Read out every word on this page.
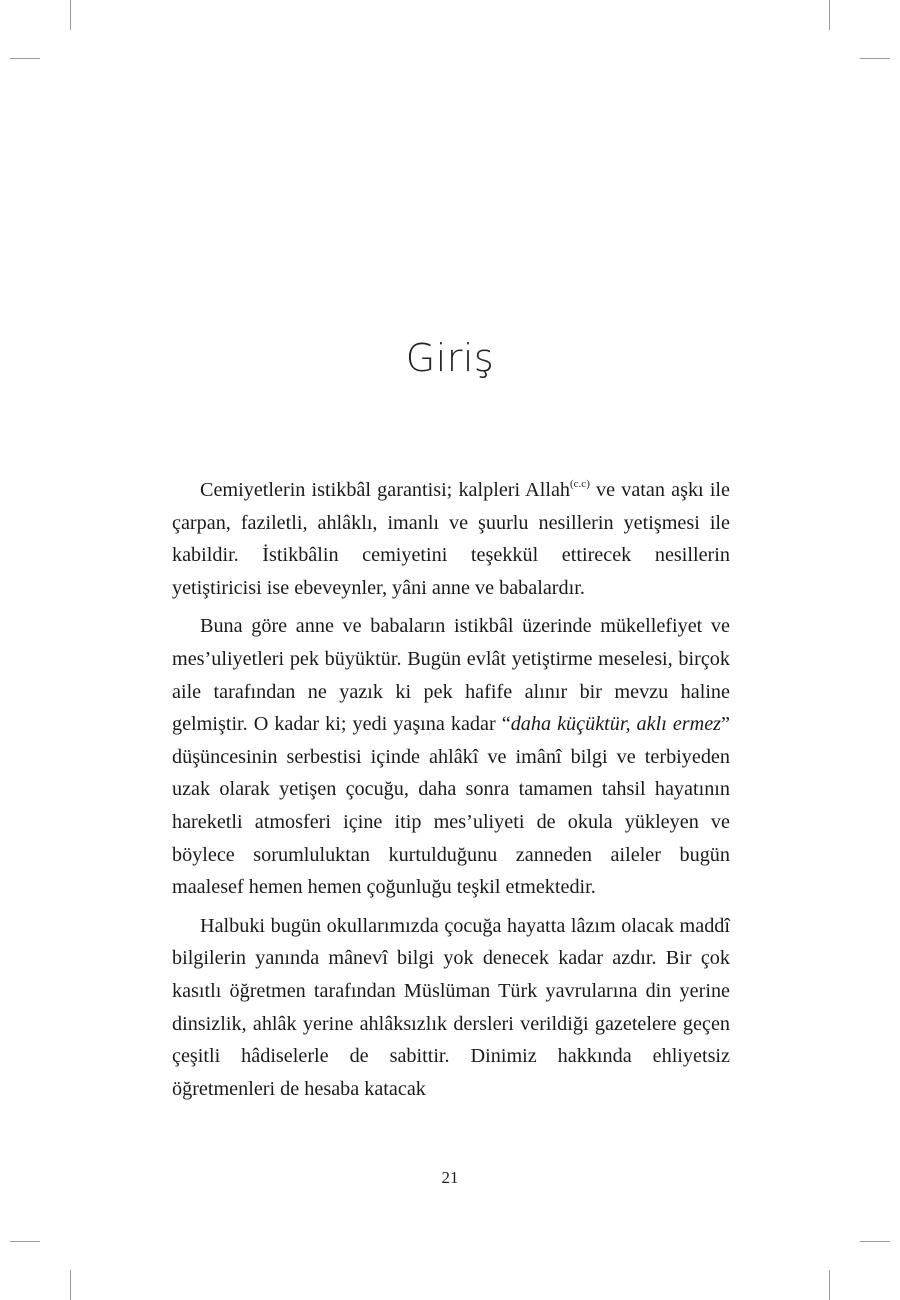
Giriş

Cemiyetlerin istikbâl garantisi; kalpleri Allah$^{(c.c)}$ ve vatan aşkı ile çarpan, faziletli, ahlâklı, imanlı ve şuurlu nesillerin yetişmesi ile kabildir. İstikbâlin cemiyetini teşekkül ettirecek nesillerin yetiştiricisi ise ebeveynler, yâni anne ve babalardır.

Buna göre anne ve babaların istikbâl üzerinde mükellefiyet ve mes’uliyetleri pek büyüktür. Bugün evlât yetiştirme meselesi, birçok aile tarafından ne yazık ki pek hafife alınır bir mevzu haline gelmiştir. O kadar ki; yedi yaşına kadar “daha küçüktür, aklı ermez” düşüncesinin serbestisi içinde ahlâkî ve imânî bilgi ve terbiyeden uzak olarak yetişen çocuğu, daha sonra tamamen tahsil hayatının hareketli atmosferi içine itip mes’uliyeti de okula yükleyen ve böylece sorumluluktan kurtulduğunu zanneden aileler bugün maalesef hemen hemen çoğunluğu teşkil etmektedir.

Halbuki bugün okullarımızda çocuğa hayatta lâzım olacak maddî bilgilerin yanında mânevî bilgi yok denecek kadar azdır. Bir çok kasıtlı öğretmen tarafından Müslüman Türk yavrularına din yerine dinsizlik, ahlâk yerine ahlâksızlık dersleri verildiği gazetelere geçen çeşitli hâdiselerle de sabittir. Dinimiz hakkında ehliyetsiz öğretmenleri de hesaba katacak

21
